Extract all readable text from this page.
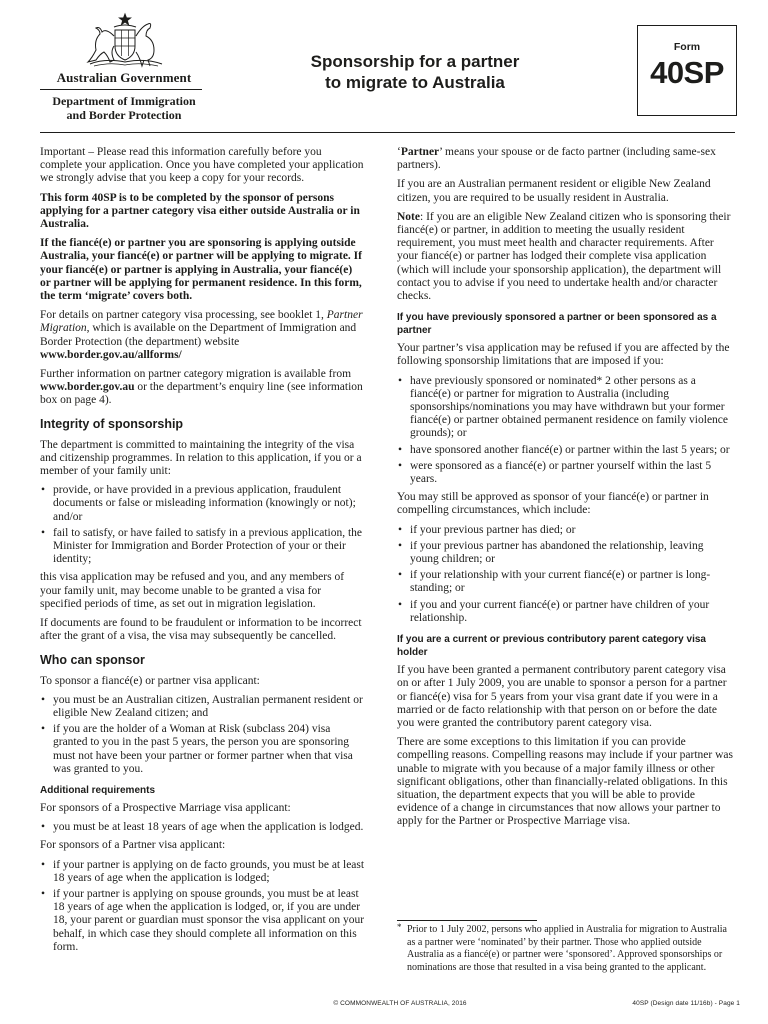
Australian Government
Department of Immigration
and Border Protection
Sponsorship for a partner
to migrate to Australia
Form
40SP

Important – Please read this information carefully before you complete your application. Once you have completed your application we strongly advise that you keep a copy for your records.

This form 40SP is to be completed by the sponsor of persons applying for a partner category visa either outside Australia or in Australia.

If the fiancé(e) or partner you are sponsoring is applying outside Australia, your fiancé(e) or partner will be applying to migrate. If your fiancé(e) or partner is applying in Australia, your fiancé(e) or partner will be applying for permanent residence. In this form, the term ‘migrate’ covers both.

For details on partner category visa processing, see booklet 1, Partner Migration, which is available on the Department of Immigration and Border Protection (the department) website www.border.gov.au/allforms/

Further information on partner category migration is available from www.border.gov.au or the department’s enquiry line (see information box on page 4).

Integrity of sponsorship

The department is committed to maintaining the integrity of the visa and citizenship programmes. In relation to this application, if you or a member of your family unit:

• provide, or have provided in a previous application, fraudulent documents or false or misleading information (knowingly or not); and/or
• fail to satisfy, or have failed to satisfy in a previous application, the Minister for Immigration and Border Protection of your or their identity;

this visa application may be refused and you, and any members of your family unit, may become unable to be granted a visa for specified periods of time, as set out in migration legislation.

If documents are found to be fraudulent or information to be incorrect after the grant of a visa, the visa may subsequently be cancelled.

Who can sponsor

To sponsor a fiancé(e) or partner visa applicant:

• you must be an Australian citizen, Australian permanent resident or eligible New Zealand citizen; and
• if you are the holder of a Woman at Risk (subclass 204) visa granted to you in the past 5 years, the person you are sponsoring must not have been your partner or former partner when that visa was granted to you.
Additional requirements

For sponsors of a Prospective Marriage visa applicant:

• you must be at least 18 years of age when the application is lodged.

For sponsors of a Partner visa applicant:

• if your partner is applying on de facto grounds, you must be at least 18 years of age when the application is lodged;
• if your partner is applying on spouse grounds, you must be at least 18 years of age when the application is lodged, or, if you are under 18, your parent or guardian must sponsor the visa applicant on your behalf, in which case they should complete all information on this form.

‘Partner’ means your spouse or de facto partner (including same-sex partners).

If you are an Australian permanent resident or eligible New Zealand citizen, you are required to be usually resident in Australia.

Note: If you are an eligible New Zealand citizen who is sponsoring their fiancé(e) or partner, in addition to meeting the usually resident requirement, you must meet health and character requirements. After your fiancé(e) or partner has lodged their complete visa application (which will include your sponsorship application), the department will contact you to advise if you need to undertake health and/or character checks.

If you have previously sponsored a partner or been sponsored as a partner

Your partner’s visa application may be refused if you are affected by the following sponsorship limitations that are imposed if you:

• have previously sponsored or nominated* 2 other persons as a fiancé(e) or partner for migration to Australia (including sponsorships/nominations you may have withdrawn but your former fiancé(e) or partner obtained permanent residence on family violence grounds); or
• have sponsored another fiancé(e) or partner within the last 5 years; or
• were sponsored as a fiancé(e) or partner yourself within the last 5 years.

You may still be approved as sponsor of your fiancé(e) or partner in compelling circumstances, which include:

• if your previous partner has died; or
• if your previous partner has abandoned the relationship, leaving young children; or
• if your relationship with your current fiancé(e) or partner is long-standing; or
• if you and your current fiancé(e) or partner have children of your relationship.
If you are a current or previous contributory parent category visa holder

If you have been granted a permanent contributory parent category visa on or after 1 July 2009, you are unable to sponsor a person for a partner or fiancé(e) visa for 5 years from your visa grant date if you were in a married or de facto relationship with that person on or before the date you were granted the contributory parent category visa.

There are some exceptions to this limitation if you can provide compelling reasons. Compelling reasons may include if your partner was unable to migrate with you because of a major family illness or other significant obligations, other than financially-related obligations. In this situation, the department expects that you will be able to provide evidence of a change in circumstances that now allows your partner to apply for the Partner or Prospective Marriage visa.

* Prior to 1 July 2002, persons who applied in Australia for migration to Australia as a partner were ‘nominated’ by their partner. Those who applied outside Australia as a fiancé(e) or partner were ‘sponsored’. Approved sponsorships or nominations are those that resulted in a visa being granted to the applicant.
© COMMONWEALTH OF AUSTRALIA, 2016	40SP (Design date 11/16b) - Page 1
